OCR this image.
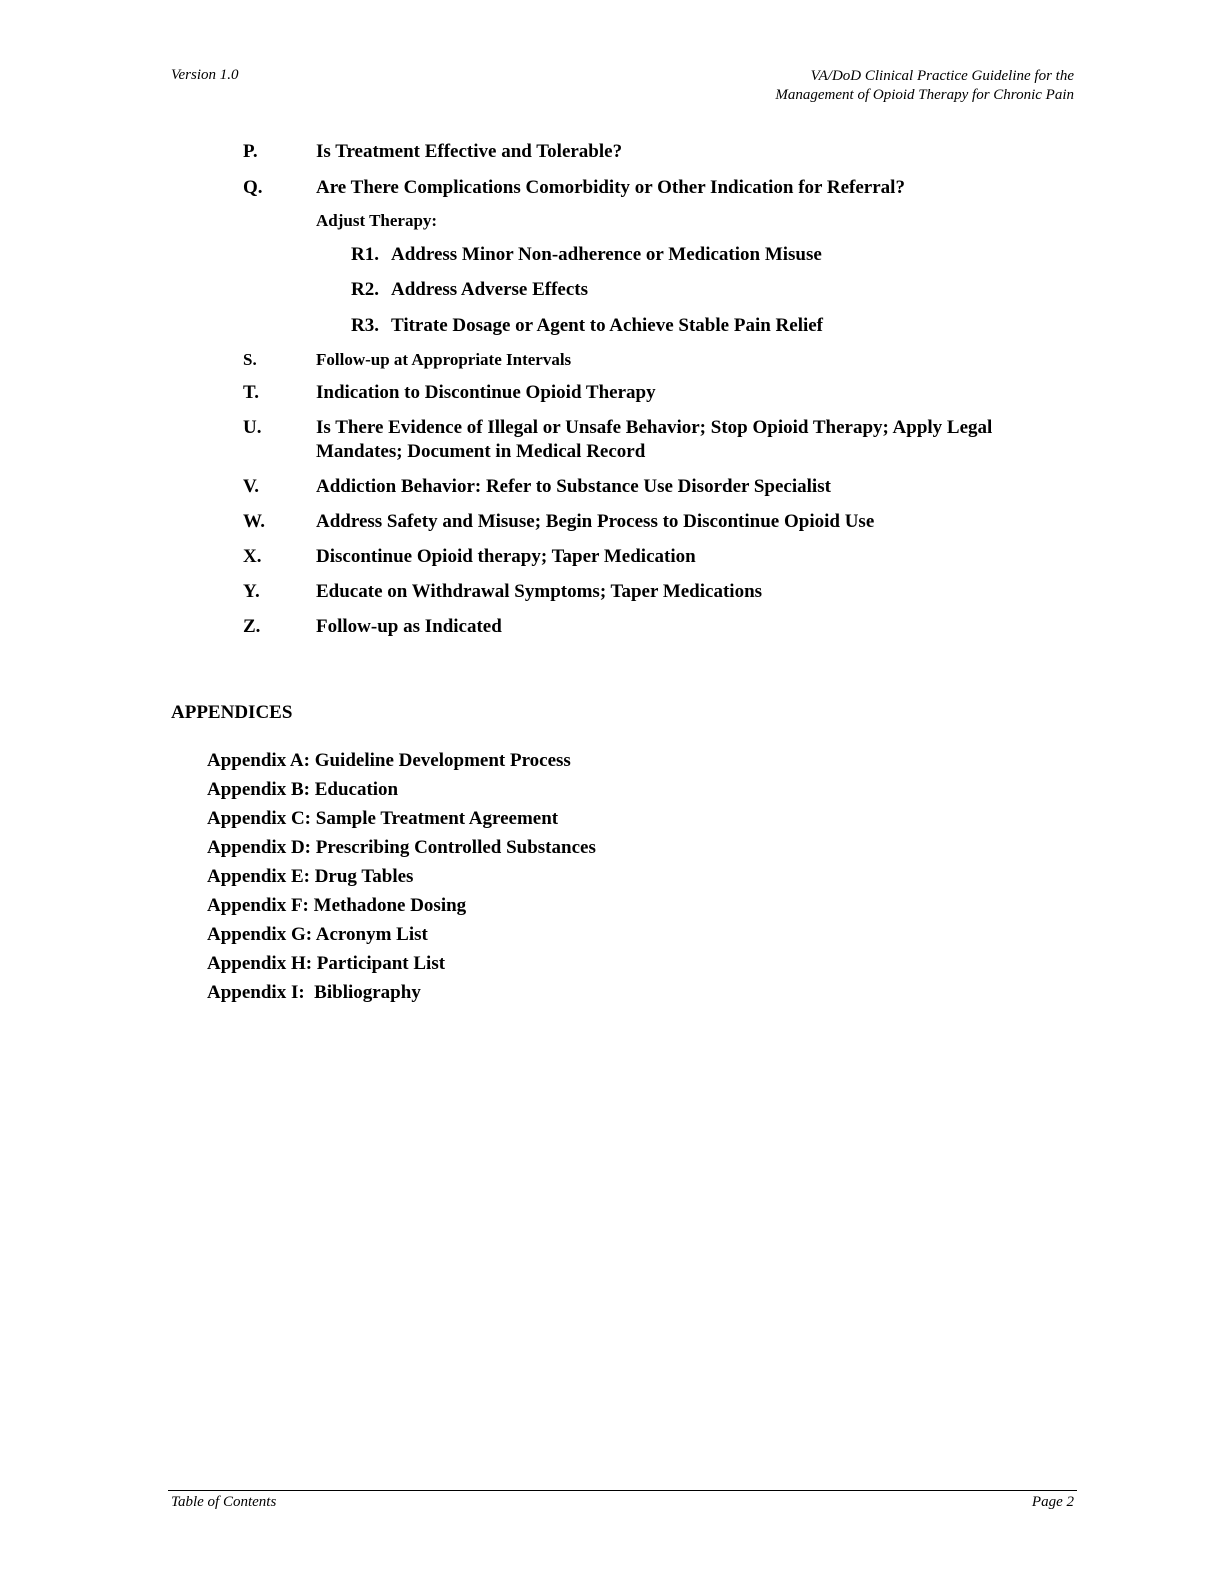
Version 1.0	VA/DoD Clinical Practice Guideline for the
Management of Opioid Therapy for Chronic Pain
P.	Is Treatment Effective and Tolerable?
Q.	Are There Complications Comorbidity or Other Indication for Referral?
Adjust Therapy:
R1. Address Minor Non-adherence or Medication Misuse
R2. Address Adverse Effects
R3. Titrate Dosage or Agent to Achieve Stable Pain Relief
S.	Follow-up at Appropriate Intervals
T.	Indication to Discontinue Opioid Therapy
U.	Is There Evidence of Illegal or Unsafe Behavior; Stop Opioid Therapy; Apply Legal Mandates; Document in Medical Record
V.	Addiction Behavior: Refer to Substance Use Disorder Specialist
W.	Address Safety and Misuse; Begin Process to Discontinue Opioid Use
X.	Discontinue Opioid therapy; Taper Medication
Y.	Educate on Withdrawal Symptoms; Taper Medications
Z.	Follow-up as Indicated
APPENDICES
Appendix A: Guideline Development Process
Appendix B: Education
Appendix C: Sample Treatment Agreement
Appendix D: Prescribing Controlled Substances
Appendix E: Drug Tables
Appendix F: Methadone Dosing
Appendix G: Acronym List
Appendix H: Participant List
Appendix I:  Bibliography
Table of Contents	Page 2
